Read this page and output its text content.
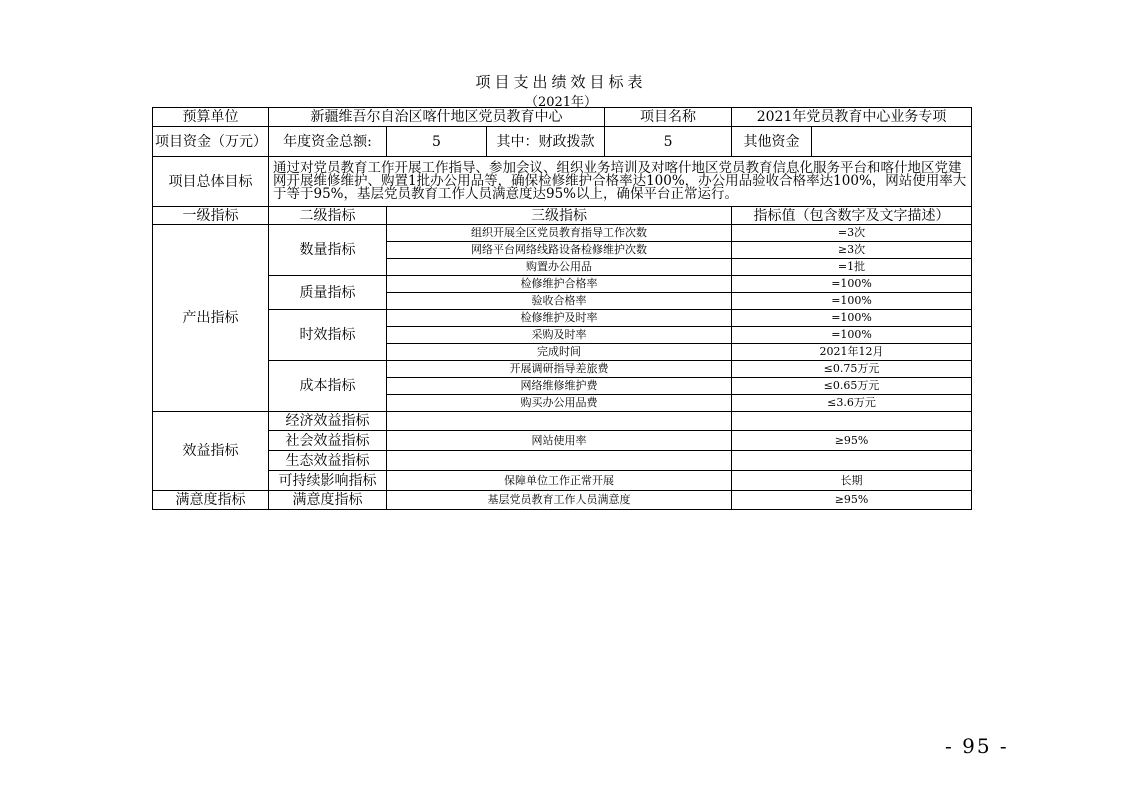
项目支出绩效目标表
（2021年）
预算单位	新疆维吾尔自治区喀什地区党员教育中心			项目名称	2021年党员教育中心业务专项	
项目资金（万元）	年度资金总额:	5	其中：财政拨款	5	其他资金	
项目总体目标	通过对党员教育工作开展工作指导、参加会议、组织业务培训及对喀什地区党员教育信息化服务平台和喀什地区党建网开展维修维护、购置1批办公用品等，确保检修维护合格率达100%，办公用品验收合格率达100%，网站使用率大于等于95%，基层党员教育工作人员满意度达95%以上，确保平台正常运行。					
一级指标	二级指标	三级指标			指标值（包含数字及文字描述）	
产出指标	数量指标	组织开展全区党员教育指导工作次数			=3次	
		网络平台网络线路设备检修维护次数			≥3次	
		购置办公用品			=1批	
	质量指标	检修维护合格率			=100%	
		验收合格率			=100%	
	时效指标	检修维护及时率			=100%	
		采购及时率			=100%	
		完成时间			2021年12月	
	成本指标	开展调研指导差旅费			≤0.75万元	
		网络维修维护费			≤0.65万元	
		购买办公用品费			≤3.6万元	
效益指标	经济效益指标					
	社会效益指标	网站使用率			≥95%	
	生态效益指标					
	可持续影响指标	保障单位工作正常开展			长期	
满意度指标	满意度指标	基层党员教育工作人员满意度			≥95%	
- 95 -
